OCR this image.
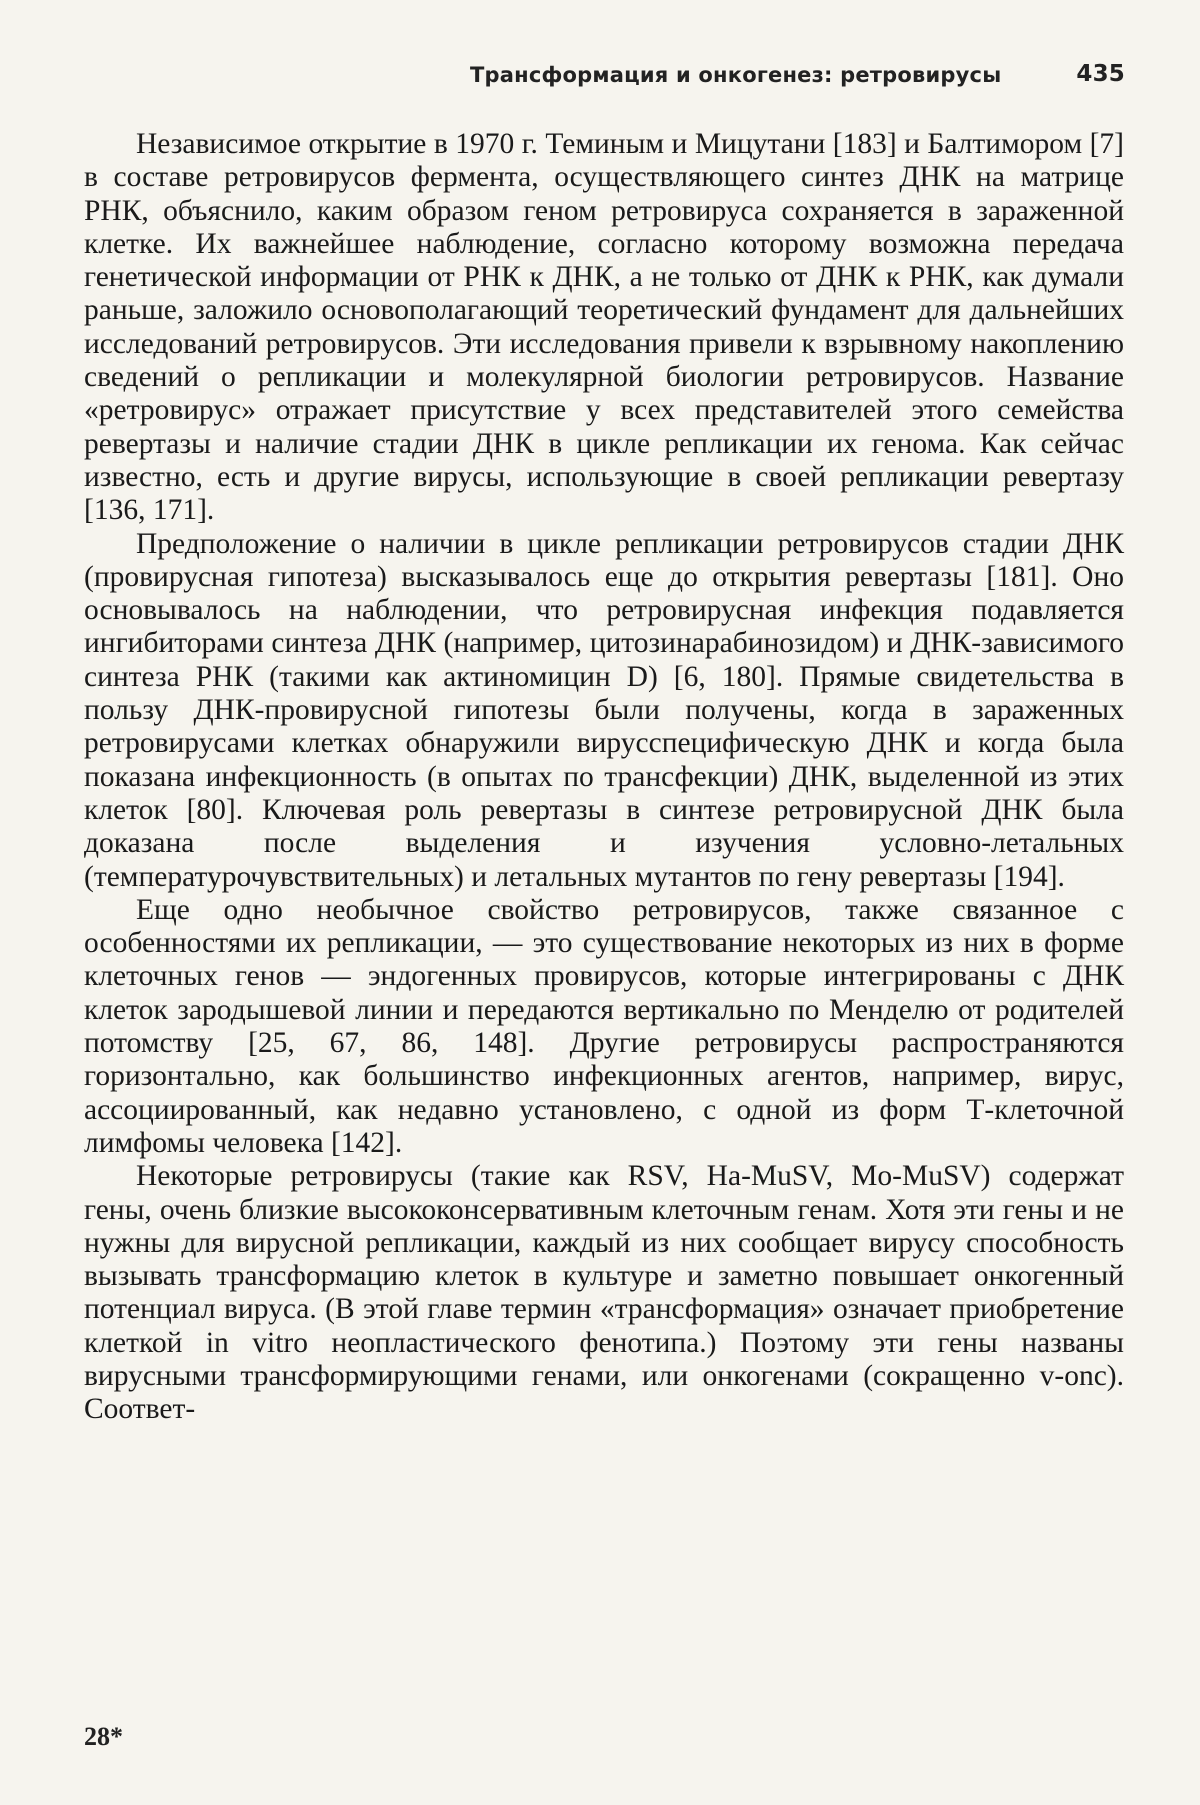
Трансформация и онкогенез: ретровирусы	435

Независимое открытие в 1970 г. Теминым и Мицутани [183] и Балтимором [7] в составе ретровирусов фермента, осуществляющего синтез ДНК на матрице РНК, объяснило, каким образом геном ретровируса сохраняется в зараженной клетке. Их важнейшее наблюдение, согласно которому возможна передача генетической информации от РНК к ДНК, а не только от ДНК к РНК, как думали раньше, заложило основополагающий теоретический фундамент для дальнейших исследований ретровирусов. Эти исследования привели к взрывному накоплению сведений о репликации и молекулярной биологии ретровирусов. Название «ретровирус» отражает присутствие у всех представителей этого семейства ревертазы и наличие стадии ДНК в цикле репликации их генома. Как сейчас известно, есть и другие вирусы, использующие в своей репликации ревертазу [136, 171].

Предположение о наличии в цикле репликации ретровирусов стадии ДНК (провирусная гипотеза) высказывалось еще до открытия ревертазы [181]. Оно основывалось на наблюдении, что ретровирусная инфекция подавляется ингибиторами синтеза ДНК (например, цитозинарабинозидом) и ДНК-зависимого синтеза РНК (такими как актиномицин D) [6, 180]. Прямые свидетельства в пользу ДНК-провирусной гипотезы были получены, когда в зараженных ретровирусами клетках обнаружили вирусспецифическую ДНК и когда была показана инфекционность (в опытах по трансфекции) ДНК, выделенной из этих клеток [80]. Ключевая роль ревертазы в синтезе ретровирусной ДНК была доказана после выделения и изучения условно-летальных (температурочувствительных) и летальных мутантов по гену ревертазы [194].

Еще одно необычное свойство ретровирусов, также связанное с особенностями их репликации, — это существование некоторых из них в форме клеточных генов — эндогенных провирусов, которые интегрированы с ДНК клеток зародышевой линии и передаются вертикально по Менделю от родителей потомству [25, 67, 86, 148]. Другие ретровирусы распространяются горизонтально, как большинство инфекционных агентов, например, вирус, ассоциированный, как недавно установлено, с одной из форм Т-клеточной лимфомы человека [142].

Некоторые ретровирусы (такие как RSV, Ha-MuSV, Mo-MuSV) содержат гены, очень близкие высококонсервативным клеточным генам. Хотя эти гены и не нужны для вирусной репликации, каждый из них сообщает вирусу способность вызывать трансформацию клеток в культуре и заметно повышает онкогенный потенциал вируса. (В этой главе термин «трансформация» означает приобретение клеткой in vitro неопластического фенотипа.) Поэтому эти гены названы вирусными трансформирующими генами, или онкогенами (сокращенно v-onc). Соответ-

28*
